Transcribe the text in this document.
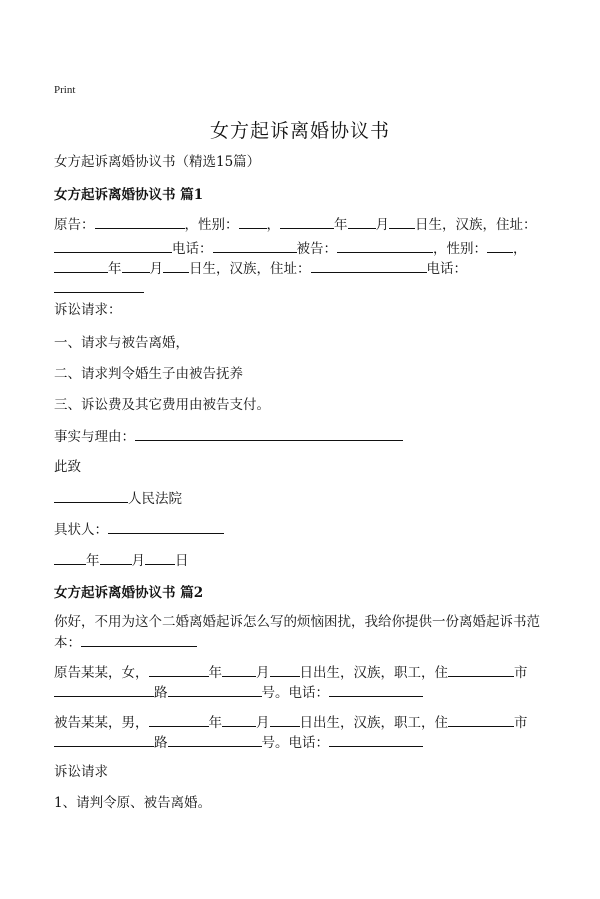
Print
女方起诉离婚协议书
女方起诉离婚协议书（精选15篇）
女方起诉离婚协议书 篇1
原告：	，性别： ，	年 月 日生，汉族，住址：
电话：	被告：	，性别： ，
年 月 日生，汉族，住址：	电话：
诉讼请求：
一、请求与被告离婚，
二、请求判令婚生子由被告抚养
三、诉讼费及其它费用由被告支付。
事实与理由：
此致
人民法院
具状人：
年 月 日
女方起诉离婚协议书 篇2
你好，不用为这个二婚离婚起诉怎么写的烦恼困扰，我给你提供一份离婚起诉书范
本：
原告某某，女，	年	月 日出生，汉族，职工，住	市
路	号。电话：
被告某某，男，	年	月 日出生，汉族，职工，住	市
路	号。电话：
诉讼请求
1、请判令原、被告离婚。
